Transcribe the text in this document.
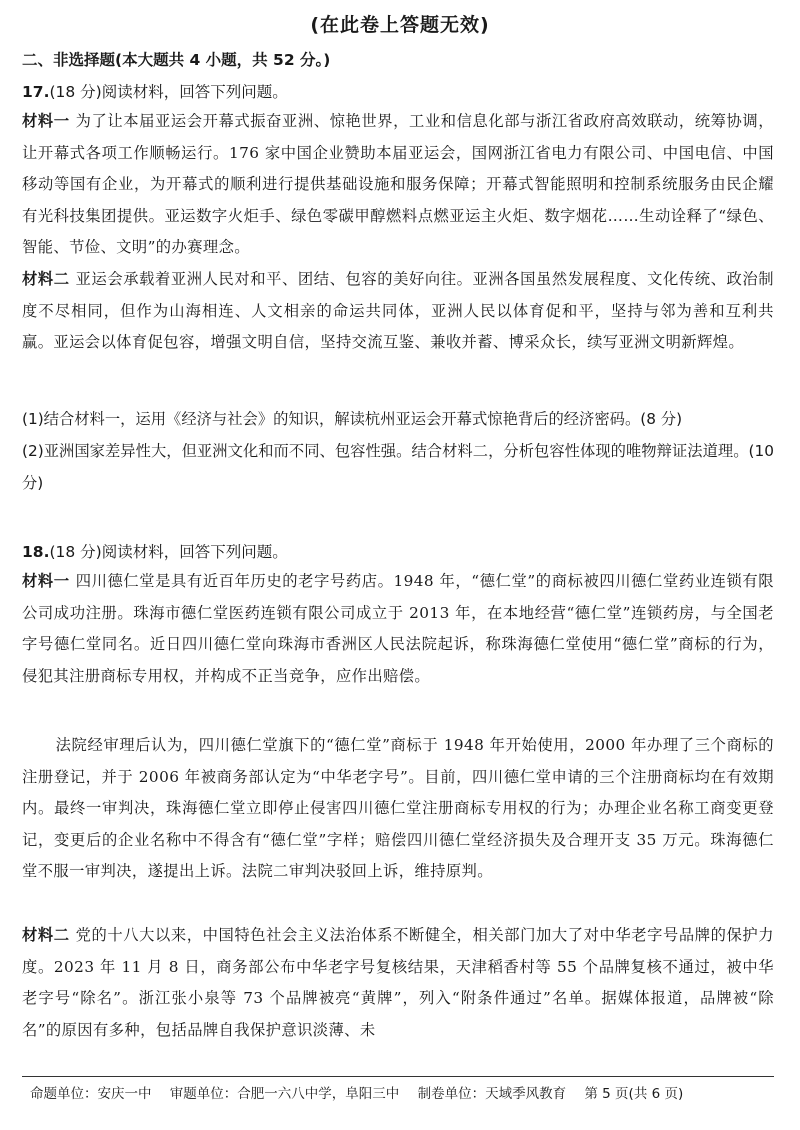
(在此卷上答题无效)
二、非选择题(本大题共 4 小题，共 52 分。)
17.(18 分)阅读材料，回答下列问题。
材料一 为了让本届亚运会开幕式振奋亚洲、惊艳世界，工业和信息化部与浙江省政府高效联动，统筹协调，让开幕式各项工作顺畅运行。176 家中国企业赞助本届亚运会，国网浙江省电力有限公司、中国电信、中国移动等国有企业，为开幕式的顺利进行提供基础设施和服务保障；开幕式智能照明和控制系统服务由民企耀有光科技集团提供。亚运数字火炬手、绿色零碳甲醇燃料点燃亚运主火炬、数字烟花……生动诠释了“绿色、智能、节俭、文明”的办赛理念。
材料二 亚运会承载着亚洲人民对和平、团结、包容的美好向往。亚洲各国虽然发展程度、文化传统、政治制度不尽相同，但作为山海相连、人文相亲的命运共同体，亚洲人民以体育促和平，坚持与邻为善和互利共赢。亚运会以体育促包容，增强文明自信，坚持交流互鉴、兼收并蓄、博采众长，续写亚洲文明新辉煌。
(1)结合材料一，运用《经济与社会》的知识，解读杭州亚运会开幕式惊艳背后的经济密码。(8 分)
(2)亚洲国家差异性大，但亚洲文化和而不同、包容性强。结合材料二，分析包容性体现的唯物辩证法道理。(10 分)
18.(18 分)阅读材料，回答下列问题。
材料一 四川德仁堂是具有近百年历史的老字号药店。1948 年，“德仁堂”的商标被四川德仁堂药业连锁有限公司成功注册。珠海市德仁堂医药连锁有限公司成立于 2013 年，在本地经营“德仁堂”连锁药房，与全国老字号德仁堂同名。近日四川德仁堂向珠海市香洲区人民法院起诉，称珠海德仁堂使用“德仁堂”商标的行为，侵犯其注册商标专用权，并构成不正当竞争，应作出赔偿。
法院经审理后认为，四川德仁堂旗下的“德仁堂”商标于 1948 年开始使用，2000 年办理了三个商标的注册登记，并于 2006 年被商务部认定为“中华老字号”。目前，四川德仁堂申请的三个注册商标均在有效期内。最终一审判决，珠海德仁堂立即停止侵害四川德仁堂注册商标专用权的行为；办理企业名称工商变更登记，变更后的企业名称中不得含有“德仁堂”字样；赔偿四川德仁堂经济损失及合理开支 35 万元。珠海德仁堂不服一审判决，遂提出上诉。法院二审判决驳回上诉，维持原判。
材料二 党的十八大以来，中国特色社会主义法治体系不断健全，相关部门加大了对中华老字号品牌的保护力度。2023 年 11 月 8 日，商务部公布中华老字号复核结果，天津稻香村等 55 个品牌复核不通过，被中华老字号“除名”。浙江张小泉等 73 个品牌被亮“黄牌”，列入“附条件通过”名单。据媒体报道，品牌被“除名”的原因有多种，包括品牌自我保护意识淡薄、未
命题单位：安庆一中 审题单位：合肥一六八中学，阜阳三中 制卷单位：天域季风教育 第 5 页(共 6 页)
